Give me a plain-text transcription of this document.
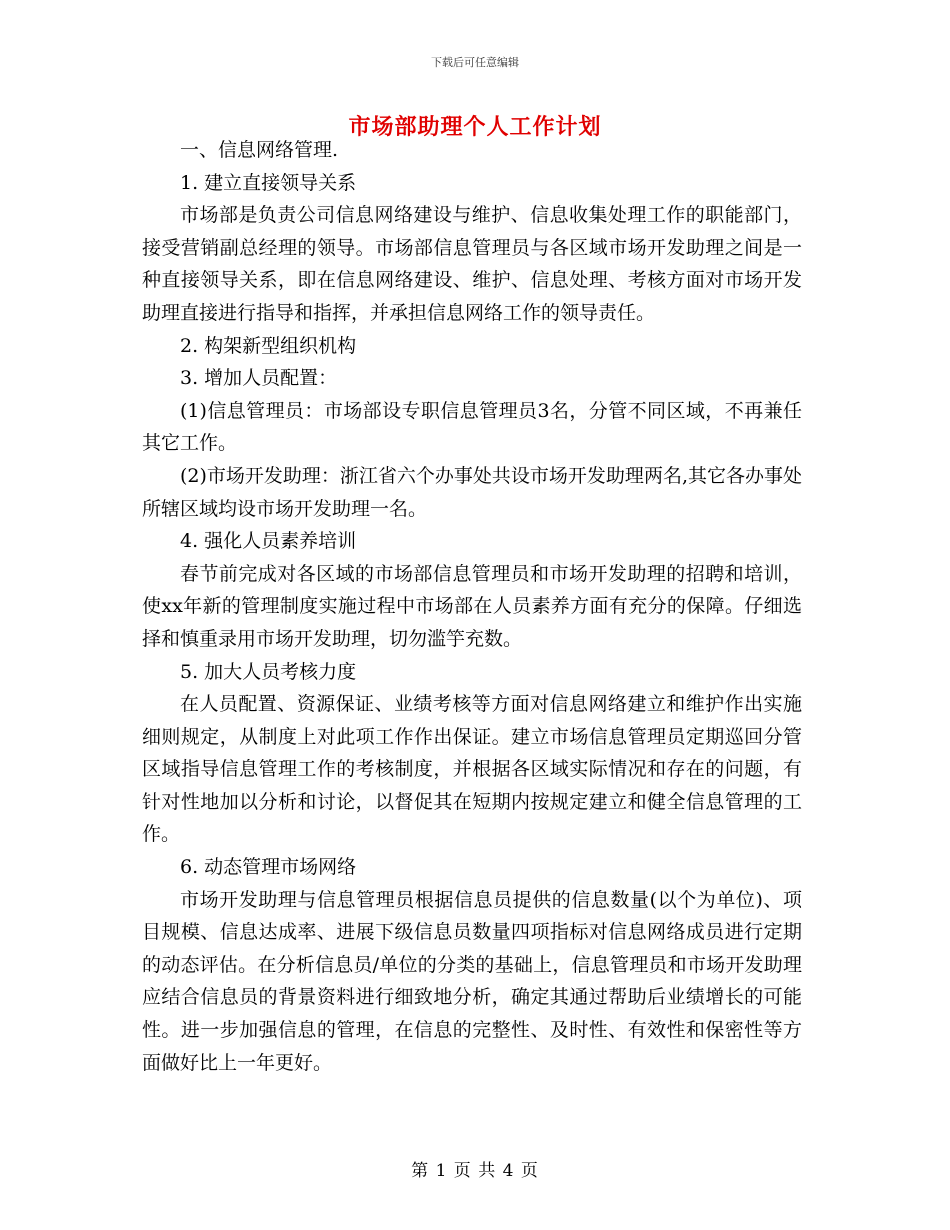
下载后可任意编辑
市场部助理个人工作计划

一、信息网络管理.

1. 建立直接领导关系

市场部是负责公司信息网络建设与维护、信息收集处理工作的职能部门，接受营销副总经理的领导。市场部信息管理员与各区域市场开发助理之间是一种直接领导关系，即在信息网络建设、维护、信息处理、考核方面对市场开发助理直接进行指导和指挥，并承担信息网络工作的领导责任。

2. 构架新型组织机构

3. 增加人员配置：

(1)信息管理员：市场部设专职信息管理员3名，分管不同区域，不再兼任其它工作。

(2)市场开发助理：浙江省六个办事处共设市场开发助理两名,其它各办事处所辖区域均设市场开发助理一名。

4. 强化人员素养培训

春节前完成对各区域的市场部信息管理员和市场开发助理的招聘和培训，使xx年新的管理制度实施过程中市场部在人员素养方面有充分的保障。仔细选择和慎重录用市场开发助理，切勿滥竽充数。

5. 加大人员考核力度

在人员配置、资源保证、业绩考核等方面对信息网络建立和维护作出实施细则规定，从制度上对此项工作作出保证。建立市场信息管理员定期巡回分管区域指导信息管理工作的考核制度，并根据各区域实际情况和存在的问题，有针对性地加以分析和讨论，以督促其在短期内按规定建立和健全信息管理的工作。

6. 动态管理市场网络

市场开发助理与信息管理员根据信息员提供的信息数量(以个为单位)、项目规模、信息达成率、进展下级信息员数量四项指标对信息网络成员进行定期的动态评估。在分析信息员/单位的分类的基础上，信息管理员和市场开发助理应结合信息员的背景资料进行细致地分析，确定其通过帮助后业绩增长的可能性。进一步加强信息的管理，在信息的完整性、及时性、有效性和保密性等方面做好比上一年更好。

第 1 页 共 4 页
